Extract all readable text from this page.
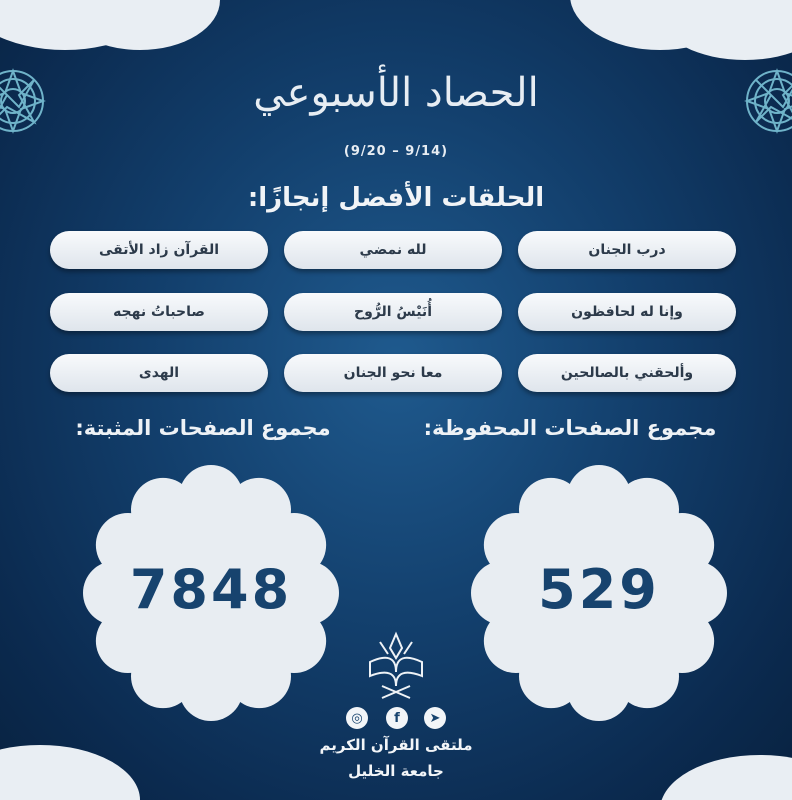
الحصاد الأسبوعي
(9/20 – 9/14)
الحلقات الأفضل إنجازًا:
درب الجنان
لله نمضي
القرآن زاد الأتقى
وإنا له لحافظون
أُنَيْسُ الرُّوح
صاحباتُ نهجه
وألحقني بالصالحين
معا نحو الجنان
الهدى
مجموع الصفحات المحفوظة:
مجموع الصفحات المثبتة:
7848	529
◎	f	➤
ملتقى القرآن الكريم
جامعة الخليل
